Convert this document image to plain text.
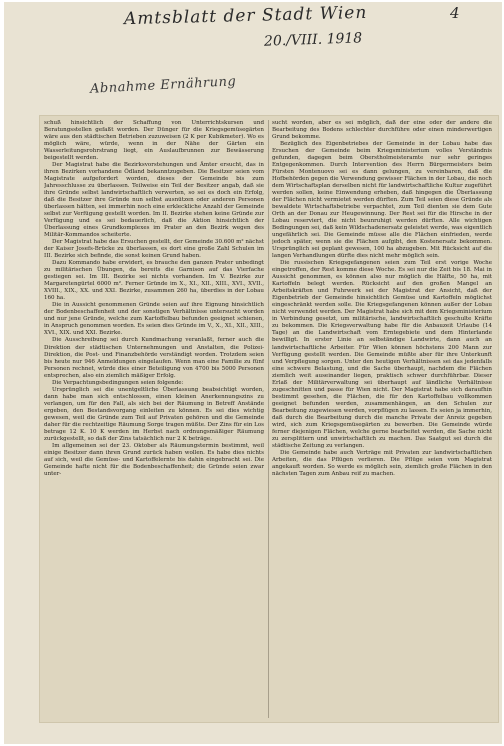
Amtsblatt der Stadt Wien	4
20./VIII. 1918
Abnahme Ernährung

schuß hinsichtlich der Schaffung von Unterrichtskursen und Beratungsstellen gefaßt worden. Der Dünger für die Kriegsgemüsegärten wäre aus den städtischen Betrieben zuzuweisen (2 K per Kubikmeter). Wo es möglich wäre, würde, wenn in der Nähe der Gärten ein Wasserleitungsrohrstrang liegt, ein Auslaufbrunnen zur Bewässerung beigestellt werden.

Der Magistrat habe die Bezirksvorstehungen und Ämter ersucht, das in ihren Bezirken vorhandene Ödland bekanntzugeben. Die Besitzer seien vom Magistrate aufgefordert worden, dieses der Gemeinde bis zum Jahresschlusse zu überlassen. Teilweise ein Teil der Besitzer angab, daß sie ihre Gründe selbst landwirtschaftlich verwerten, so sei es doch ein Erfolg, daß die Besitzer ihre Gründe nun selbst ausnützen oder anderen Personen überlassen hätten, sei immerhin noch eine erkleckliche Anzahl der Gemeinde selbst zur Verfügung gestellt worden. Im II. Bezirke stehen keine Gründe zur Verfügung und es sei bedauerlich, daß die Aktion hinsichtlich der Überlassung eines Grundkomplexes im Prater an den Bezirk wegen des Militär-Kommandos scheiterte.

Der Magistrat habe das Ersuchen gestellt, der Gemeinde 30.600 m² nächst der Kaiser Josefs-Brücke zu überlassen, es dort eine große Zahl Schulen im III. Bezirke sich befinde, die sonst keinen Grund haben.

Dazu Kommando habe erwidert, es brauche den ganzen Prater unbedingt zu militärischen Übungen, da bereits die Garnison auf das Vierfache gestiegen sei. Im III. Bezirke sei nichts vorhanden. Im V. Bezirke zur Margaretengürtel 6000 m². Ferner Gründe im X., XI., XII., XIII., XVI., XVII., XVIII., XIX., XX. und XXI. Bezirke, zusammen 260 ha, überdies in der Lobau 160 ha.

Die in Aussicht genommenen Gründe seien auf ihre Eignung hinsichtlich der Bodenbeschaffenheit und der sonstigen Verhältnisse untersucht worden und nur jene Gründe, welche zum Kartoffelbau befunden geeignet schienen, in Anspruch genommen worden. Es seien dies Gründe im V., X., XI., XII., XIII., XVI., XIX. und XXI. Bezirke.

Die Ausschreibung sei durch Kundmachung veranlaßt, ferner auch die Direktion der städtischen Unternehmungen und Anstalten, die Polizei-Direktion, die Post- und Finanzbehörde verständigt worden. Trotzdem seien bis heute nur 946 Anmeldungen eingelaufen. Wenn man eine Familie zu fünf Personen rechnet, würde dies einer Beteiligung von 4700 bis 5000 Personen entsprechen, also ein ziemlich mäßiger Erfolg.

Die Verpachtungsbedingungen seien folgende:

Ursprünglich sei die unentgeltliche Überlassung beabsichtigt worden, dann habe man sich entschlossen, einen kleinen Anerkennungszins zu verlangen, um für den Fall, als sich bei der Räumung in Betreff Anstände ergeben, den Bestandsvorgang einleiten zu können. Es sei dies wichtig gewesen, weil die Gründe zum Teil auf Privaten gehören und die Gemeinde daher für die rechtzeitige Räumung Sorge tragen müßte. Der Zins für ein Los betrage 12 K. 10 K werden im Herbst nach ordnungsmäßiger Räumung zurückgestellt, so daß der Zins tatsächlich nur 2 K beträge.

Im allgemeinen sei der 23. Oktober als Räumungstermin bestimmt, weil einige Besitzer dann ihren Grund zurück haben wollen. Es habe dies nichts auf sich, weil die Gemüse- und Kartoffelernte bis dahin eingebracht sei. Die Gemeinde hafte nicht für die Bodenbeschaffenheit; die Gründe seien zwar unter-

sucht worden, aber es sei möglich, daß der eine oder der andere die Bearbeitung des Bodens schlechter durchführe oder einen minderwertigen Grund bekomme.

Bezüglich des Eigenbetriebes der Gemeinde in der Lobau habe das Ersuchen der Gemeinde beim Kriegsministerium volles Verständnis gefunden, dagegen beim Oberstholmeisteramte nur sehr geringes Entgegenkommen. Durch Intervention des Herrn Bürgermeisters beim Fürsten Montenuovo sei es dann gelungen, zu vereinbaren, daß die Hofbehörden gegen die Verwendung gewisser Flächen in der Lobau, die noch dem Wirtschaftsplan derselben nicht für landwirtschaftliche Kultur zugeführt werden sollen, keine Einwendung erheben, daß hingegen die Überlassung der Flächen nicht vermietet werden dürften. Zum Teil seien diese Gründe als bewaldete Wirtschaftsbetriebe verpachtet, zum Teil dienten sie dem Gute Orth an der Donau zur Heugewinnung. Der Rest sei für die Hirsche in der Lobau reserviert, die nicht beunruhigt werden dürften. Alle wichtigen Bedingungen sei, daß kein Wildschadenersatz geleistet werde, was eigentlich ungefährlich sei. Die Gemeinde müsse alle die Flächen einfrieden, werde jedoch später, wenn sie die Flächen aufgibt, den Kostenersatz bekommen. Ursprünglich sei geplant gewesen, 100 ha abzugeben. Mit Rücksicht auf die langen Verhandlungen dürfte dies nicht mehr möglich sein.

Die russischen Kriegsgefangenen seien zum Teil erst vorige Woche eingetroffen, der Rest komme diese Woche. Es sei nur die Zeit bis 18. Mai in Aussicht genommen, es können also nur möglich die Hälfte, 50 ha, mit Kartoffeln belegt werden. Rücksicht auf den großen Mangel an Arbeitskräften und Fuhrwerk sei der Magistrat der Ansicht, daß der Eigenbetrieb der Gemeinde hinsichtlich Gemüse und Kartoffeln möglichst eingeschränkt werden solle. Die Kriegsgefangenen können außer der Lobau nicht verwendet werden. Der Magistrat habe sich mit dem Kriegsministerium in Verbindung gesetzt, um militärische, landwirtschaftlich geschulte Kräfte zu bekommen. Die Kriegsverwaltung habe für die Anbauzeit Urlaube (14 Tage) an die Landwirtschaft vom Erntegebiete und dem Hinterlande bewilligt. In erster Linie an selbständige Landwirte, dann auch an landwirtschaftliche Arbeiter. Für Wien können höchstens 200 Mann zur Verfügung gestellt werden. Die Gemeinde müßte aber für ihre Unterkunft und Verpflegung sorgen. Unter den heutigen Verhältnissen sei das jedenfalls eine schwere Belastung, und die Sache überhaupt, nachdem die Flächen ziemlich weit auseinander liegen, praktisch schwer durchführbar. Dieser Erlaß der Militärverwaltung sei überhaupt auf ländliche Verhältnisse zugeschnitten und passe für Wien nicht. Der Magistrat habe sich daraufhin bestimmt gesehen, die Flächen, die für den Kartoffelbau vollkommen geeignet befunden werden, zusammenhängen, an den Schulen zur Bearbeitung zugewiesen werden, vorpflügen zu lassen. Es seien ja immerhin, daß durch die Bearbeitung durch die manche Private der Anreiz gegeben wird, sich zum Kriegsgemüsegärten zu bewerben. Die Gemeinde würde ferner diejenigen Flächen, welche gerne bearbeitet werden, die Sache nicht zu zersplittern und unwirtschaftlich zu machen. Das Saatgut sei durch die städtische Zeitung zu verlangen.

Die Gemeinde habe auch Verträge mit Privaten zur landwirtschaftlichen Arbeiten, die das Pflügen verlieren. Die Pflüge seien vom Magistrat angekauft worden. So werde es möglich sein, ziemlich große Flächen in den nächsten Tagen zum Anbau reif zu machen.
